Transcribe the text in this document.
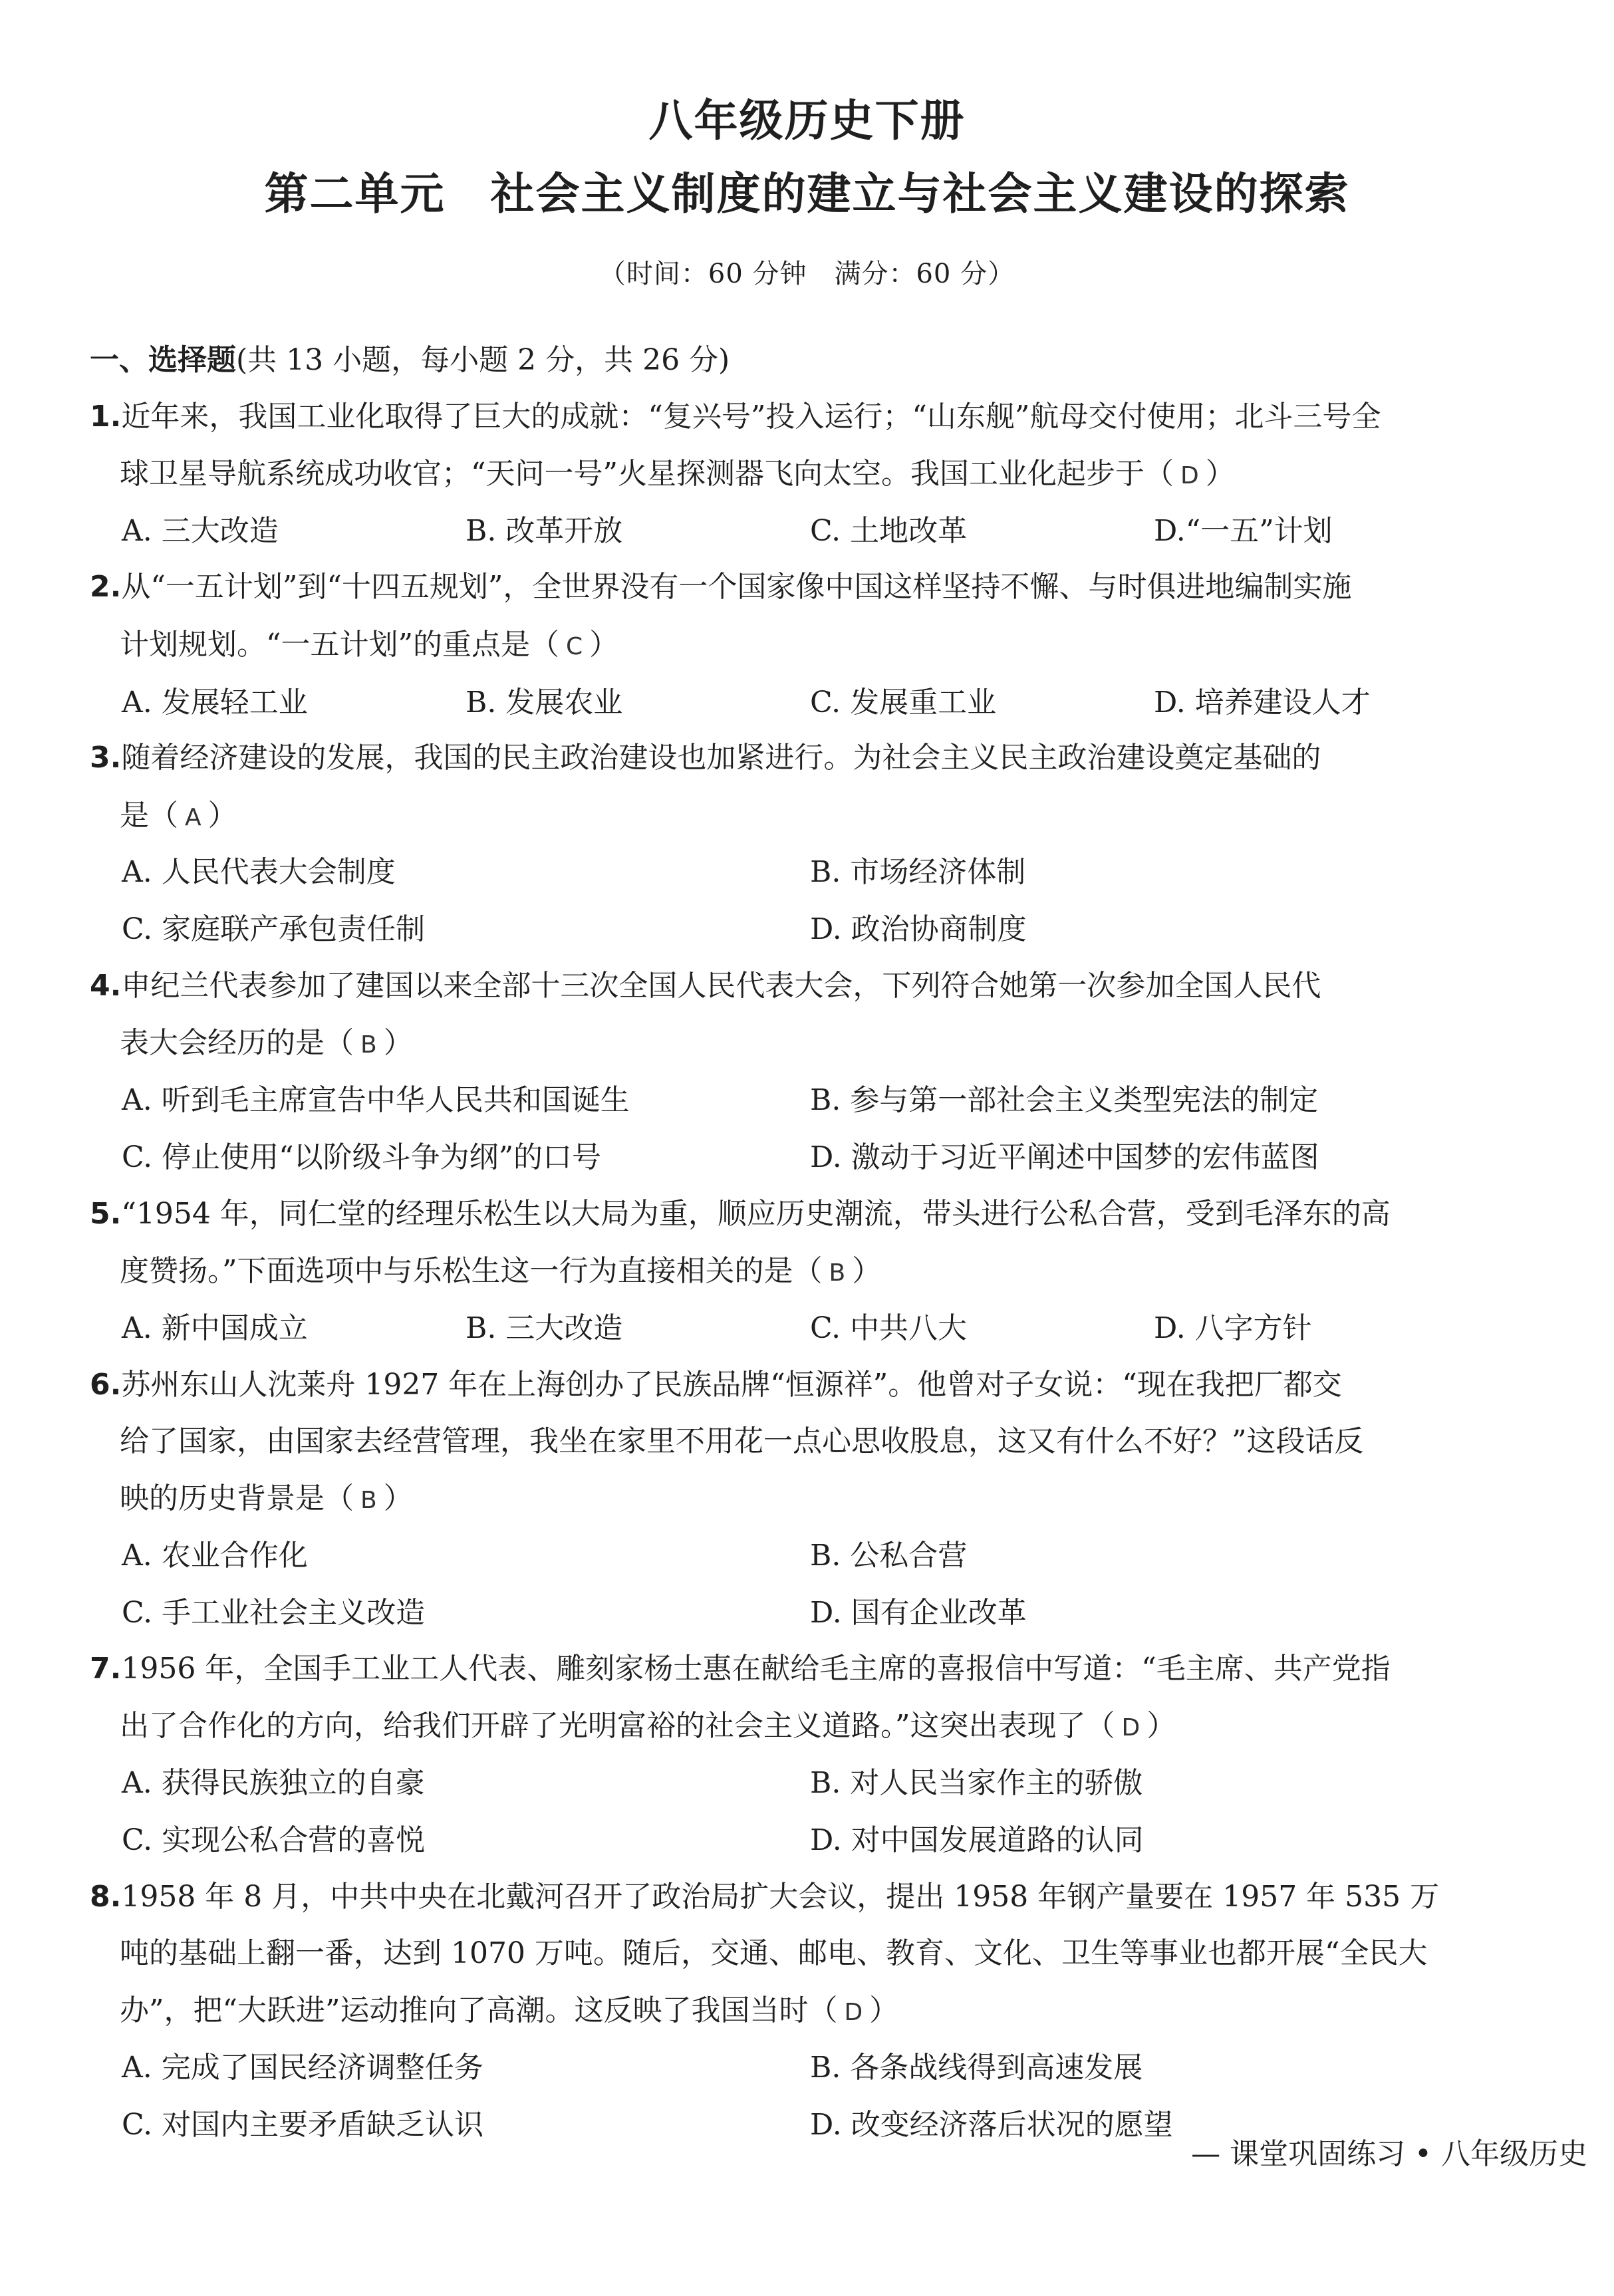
八年级历史下册
第二单元　社会主义制度的建立与社会主义建设的探索
（时间：60 分钟　满分：60 分）
一、选择题(共 13 小题，每小题 2 分，共 26 分)
1.近年来，我国工业化取得了巨大的成就：“复兴号”投入运行；“山东舰”航母交付使用；北斗三号全
球卫星导航系统成功收官；“天问一号”火星探测器飞向太空。我国工业化起步于（ D ）
A. 三大改造	B. 改革开放	C. 土地改革	D.“一五”计划
2.从“一五计划”到“十四五规划”，全世界没有一个国家像中国这样坚持不懈、与时俱进地编制实施
计划规划。“一五计划”的重点是（ C ）
A. 发展轻工业	B. 发展农业	C. 发展重工业	D. 培养建设人才
3.随着经济建设的发展，我国的民主政治建设也加紧进行。为社会主义民主政治建设奠定基础的
是（ A ）
A. 人民代表大会制度	B. 市场经济体制
C. 家庭联产承包责任制	D. 政治协商制度
4.申纪兰代表参加了建国以来全部十三次全国人民代表大会，下列符合她第一次参加全国人民代
表大会经历的是（ B ）
A. 听到毛主席宣告中华人民共和国诞生	B. 参与第一部社会主义类型宪法的制定
C. 停止使用“以阶级斗争为纲”的口号	D. 激动于习近平阐述中国梦的宏伟蓝图
5.“1954 年，同仁堂的经理乐松生以大局为重，顺应历史潮流，带头进行公私合营，受到毛泽东的高
度赞扬。”下面选项中与乐松生这一行为直接相关的是（ B ）
A. 新中国成立	B. 三大改造	C. 中共八大	D. 八字方针
6.苏州东山人沈莱舟 1927 年在上海创办了民族品牌“恒源祥”。他曾对子女说：“现在我把厂都交
给了国家，由国家去经营管理，我坐在家里不用花一点心思收股息，这又有什么不好？”这段话反
映的历史背景是（ B ）
A. 农业合作化	B. 公私合营
C. 手工业社会主义改造	D. 国有企业改革
7.1956 年，全国手工业工人代表、雕刻家杨士惠在献给毛主席的喜报信中写道：“毛主席、共产党指
出了合作化的方向，给我们开辟了光明富裕的社会主义道路。”这突出表现了（ D ）
A. 获得民族独立的自豪	B. 对人民当家作主的骄傲
C. 实现公私合营的喜悦	D. 对中国发展道路的认同
8.1958 年 8 月，中共中央在北戴河召开了政治局扩大会议，提出 1958 年钢产量要在 1957 年 535 万
吨的基础上翻一番，达到 1070 万吨。随后，交通、邮电、教育、文化、卫生等事业也都开展“全民大
办”，把“大跃进”运动推向了高潮。这反映了我国当时（ D ）
A. 完成了国民经济调整任务	B. 各条战线得到高速发展
C. 对国内主要矛盾缺乏认识	D. 改变经济落后状况的愿望
— 课堂巩固练习 • 八年级历史
